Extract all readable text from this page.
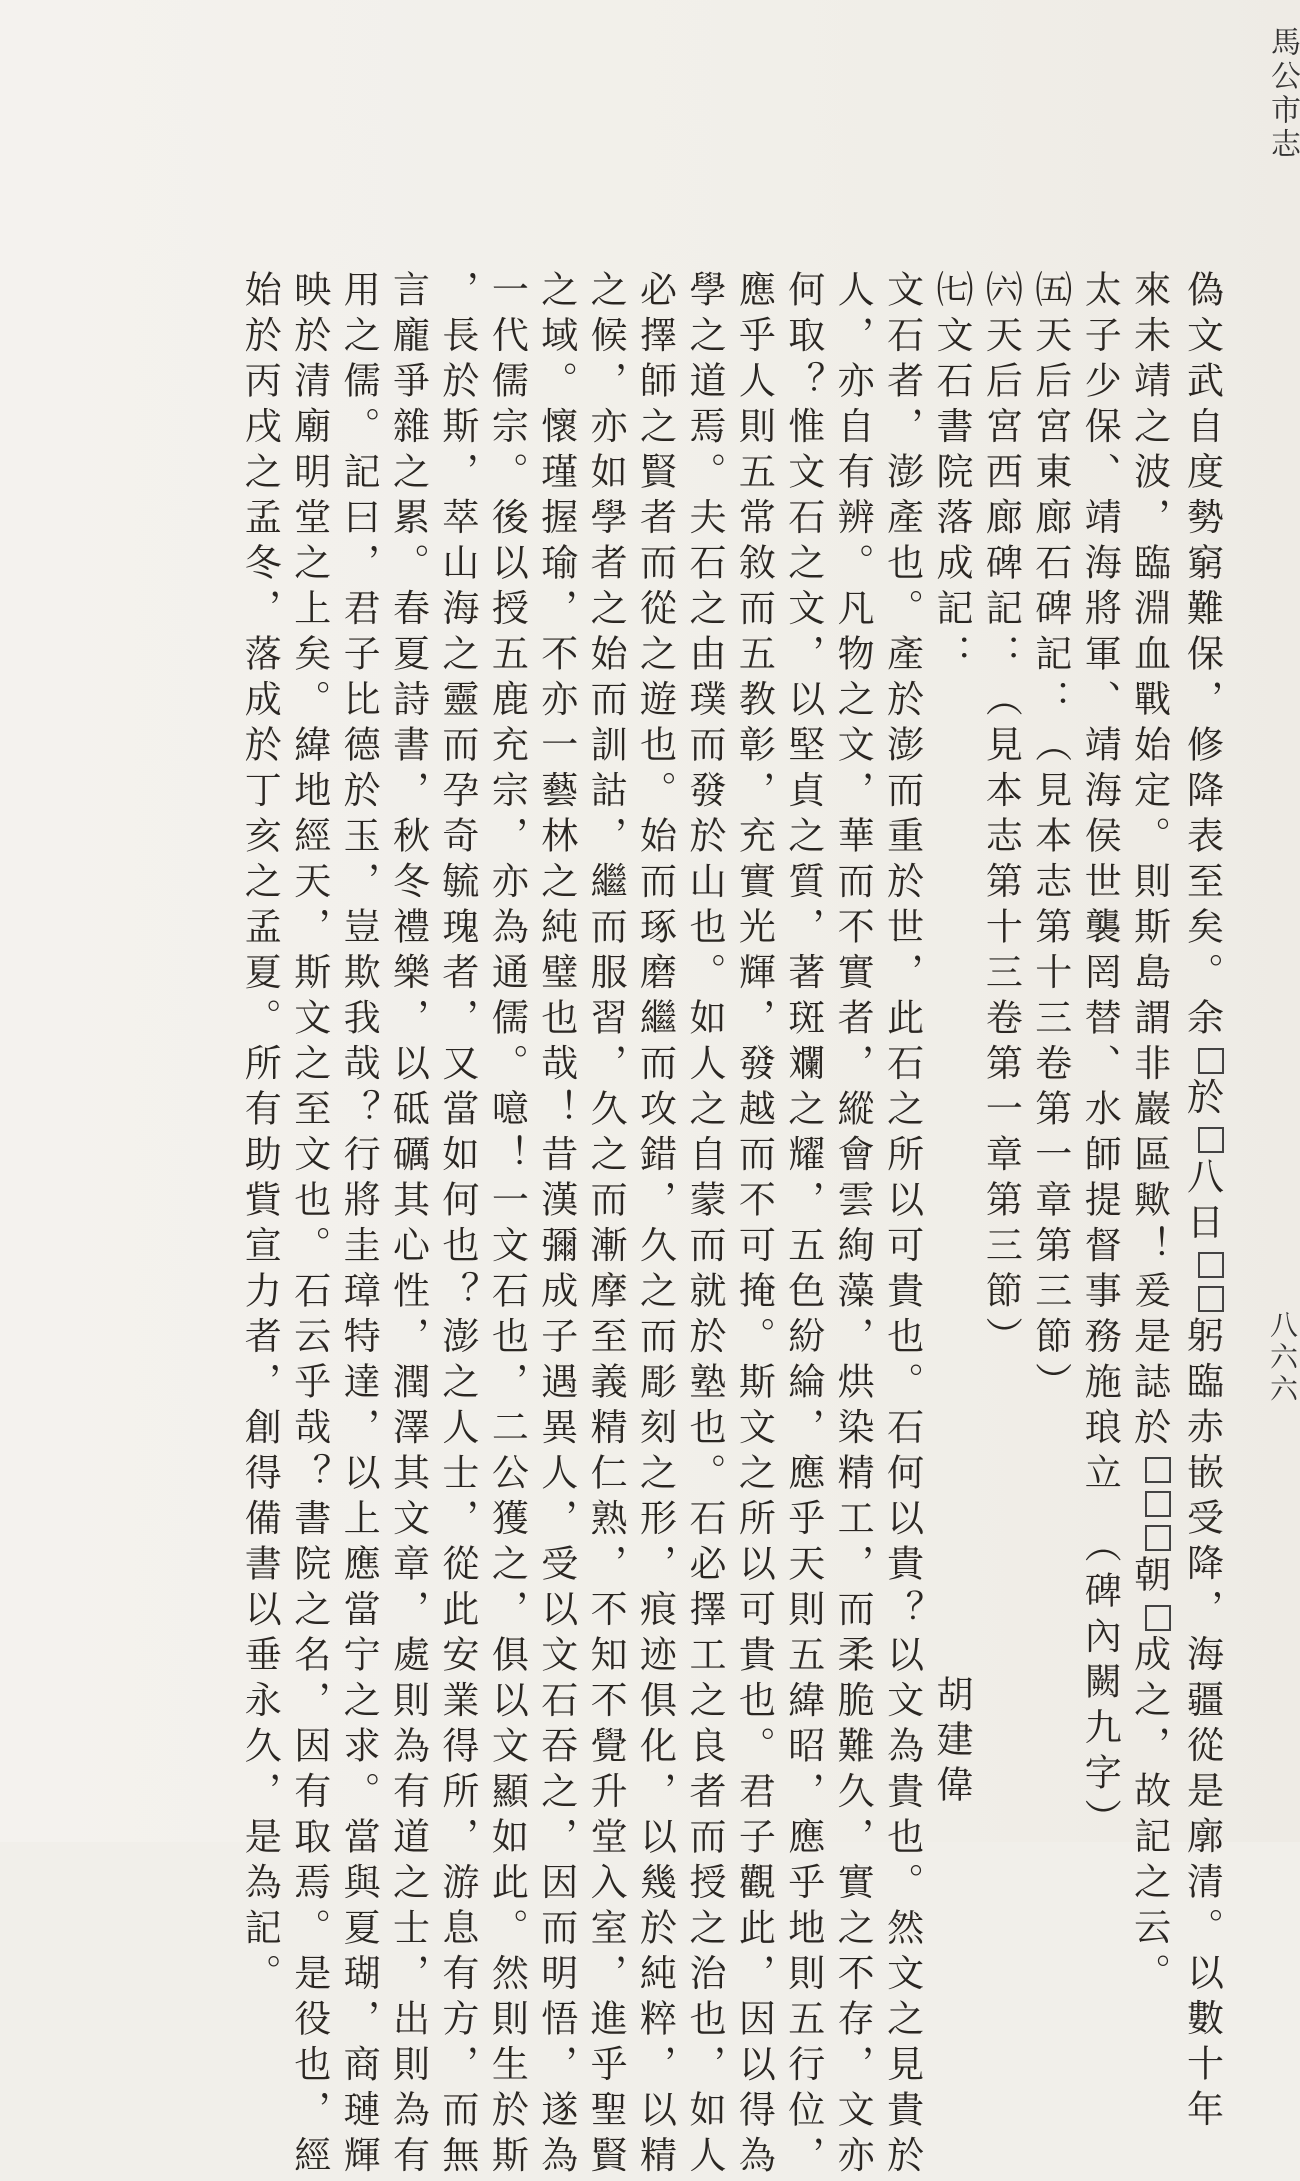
馬公市志
八六六
偽文武自度勢窮難保，修降表至矣。余於八日躬臨赤嵌受降，海疆從是廓清。以數十年
來未靖之波，臨淵血戰始定。則斯島謂非巖區歟！爰是誌於朝成之，故記之云。
太子少保、靖海將軍、靖海侯世襲罔替、水師提督事務施琅立　（碑內闕九字）
㈤天后宮東廊石碑記：（見本志第十三卷第一章第三節）
㈥天后宮西廊碑記：（見本志第十三卷第一章第三節）
㈦文石書院落成記：
胡建偉
文石者，澎產也。產於澎而重於世，此石之所以可貴也。石何以貴？以文為貴也。然文之見貴於
人，亦自有辨。凡物之文，華而不實者，縱會雲絢藻，烘染精工，而柔脆難久，實之不存，文亦
何取？惟文石之文，以堅貞之質，著斑斕之耀，五色紛綸，應乎天則五緯昭，應乎地則五行位，
應乎人則五常敘而五教彰，充實光輝，發越而不可掩。斯文之所以可貴也。君子觀此，因以得為
學之道焉。夫石之由璞而發於山也。如人之自蒙而就於塾也。石必擇工之良者而授之治也，如人
必擇師之賢者而從之遊也。始而琢磨繼而攻錯，久之而彫刻之形，痕迹俱化，以幾於純粹，以精
之候，亦如學者之始而訓詁，繼而服習，久之而漸摩至義精仁熟，不知不覺升堂入室，進乎聖賢
之域。懷瑾握瑜，不亦一藝林之純璧也哉！昔漢彌成子遇異人，受以文石吞之，因而明悟，遂為
一代儒宗。後以授五鹿充宗，亦為通儒。噫！一文石也，二公獲之，俱以文顯如此。然則生於斯
，長於斯，萃山海之靈而孕奇毓瑰者，又當如何也？澎之人士，從此安業得所，游息有方，而無
言龐爭雜之累。春夏詩書，秋冬禮樂，以砥礪其心性，潤澤其文章，處則為有道之士，出則為有
用之儒。記曰，君子比德於玉，豈欺我哉？行將圭璋特達，以上應當宁之求。當與夏瑚，商璉輝
映於清廟明堂之上矣。緯地經天，斯文之至文也。石云乎哉？書院之名，因有取焉。是役也，經
始於丙戌之孟冬，落成於丁亥之孟夏。所有助貲宣力者，創得備書以垂永久，是為記。
